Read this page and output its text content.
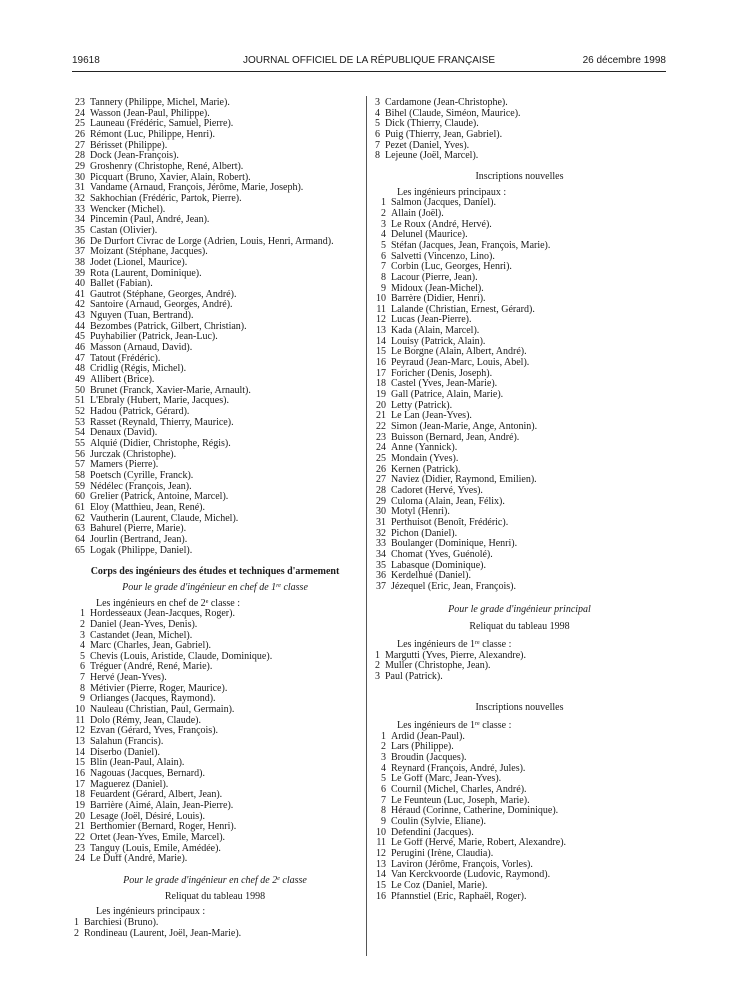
19618	JOURNAL OFFICIEL DE LA RÉPUBLIQUE FRANÇAISE	26 décembre 1998
23 Tannery (Philippe, Michel, Marie).
24 Wasson (Jean-Paul, Philippe).
25 Launeau (Frédéric, Samuel, Pierre).
26 Rémont (Luc, Philippe, Henri).
27 Bérisset (Philippe).
28 Dock (Jean-François).
29 Groshenry (Christophe, René, Albert).
30 Picquart (Bruno, Xavier, Alain, Robert).
31 Vandame (Arnaud, François, Jérôme, Marie, Joseph).
32 Sakhochian (Frédéric, Partok, Pierre).
33 Wencker (Michel).
34 Pincemin (Paul, André, Jean).
35 Castan (Olivier).
36 De Durfort Civrac de Lorge (Adrien, Louis, Henri, Armand).
37 Moizant (Stéphane, Jacques).
38 Jodet (Lionel, Maurice).
39 Rota (Laurent, Dominique).
40 Ballet (Fabian).
41 Gautrot (Stéphane, Georges, André).
42 Santoire (Arnaud, Georges, André).
43 Nguyen (Tuan, Bertrand).
44 Bezombes (Patrick, Gilbert, Christian).
45 Puyhabilier (Patrick, Jean-Luc).
46 Masson (Arnaud, David).
47 Tatout (Frédéric).
48 Cridlig (Régis, Michel).
49 Allibert (Brice).
50 Brunet (Franck, Xavier-Marie, Arnault).
51 L'Ebraly (Hubert, Marie, Jacques).
52 Hadou (Patrick, Gérard).
53 Rasset (Reynald, Thierry, Maurice).
54 Denaux (David).
55 Alquié (Didier, Christophe, Régis).
56 Jurczak (Christophe).
57 Mamers (Pierre).
58 Poetsch (Cyrille, Franck).
59 Nédélec (François, Jean).
60 Grelier (Patrick, Antoine, Marcel).
61 Eloy (Matthieu, Jean, René).
62 Vautherin (Laurent, Claude, Michel).
63 Bahurel (Pierre, Marie).
64 Jourlin (Bertrand, Jean).
65 Logak (Philippe, Daniel).
Corps des ingénieurs des études et techniques d'armement
Pour le grade d'ingénieur en chef de 1re classe
Les ingénieurs en chef de 2e classe :
1 Hordesseaux (Jean-Jacques, Roger).
2 Daniel (Jean-Yves, Denis).
3 Castandet (Jean, Michel).
4 Marc (Charles, Jean, Gabriel).
5 Chevis (Louis, Aristide, Claude, Dominique).
6 Tréguer (André, René, Marie).
7 Hervé (Jean-Yves).
8 Métivier (Pierre, Roger, Maurice).
9 Orlianges (Jacques, Raymond).
10 Nauleau (Christian, Paul, Germain).
11 Dolo (Rémy, Jean, Claude).
12 Ezvan (Gérard, Yves, François).
13 Salahun (Francis).
14 Diserbo (Daniel).
15 Blin (Jean-Paul, Alain).
16 Nagouas (Jacques, Bernard).
17 Maguerez (Daniel).
18 Feuardent (Gérard, Albert, Jean).
19 Barrière (Aimé, Alain, Jean-Pierre).
20 Lesage (Joël, Désiré, Louis).
21 Berthomier (Bernard, Roger, Henri).
22 Ortet (Jean-Yves, Emile, Marcel).
23 Tanguy (Louis, Emile, Amédée).
24 Le Duff (André, Marie).
Pour le grade d'ingénieur en chef de 2e classe
Reliquat du tableau 1998
Les ingénieurs principaux :
1 Barchiesi (Bruno).
2 Rondineau (Laurent, Joël, Jean-Marie).
3 Cardamone (Jean-Christophe).
4 Bihel (Claude, Siméon, Maurice).
5 Dick (Thierry, Claude).
6 Puig (Thierry, Jean, Gabriel).
7 Pezet (Daniel, Yves).
8 Lejeune (Joël, Marcel).
Inscriptions nouvelles
Les ingénieurs principaux :
1 Salmon (Jacques, Daniel).
2 Allain (Joël).
3 Le Roux (André, Hervé).
4 Delunel (Maurice).
5 Stéfan (Jacques, Jean, François, Marie).
6 Salvetti (Vincenzo, Lino).
7 Corbin (Luc, Georges, Henri).
8 Lacour (Pierre, Jean).
9 Midoux (Jean-Michel).
10 Barrère (Didier, Henri).
11 Lalande (Christian, Ernest, Gérard).
12 Lucas (Jean-Pierre).
13 Kada (Alain, Marcel).
14 Louisy (Patrick, Alain).
15 Le Borgne (Alain, Albert, André).
16 Peyraud (Jean-Marc, Louis, Abel).
17 Foricher (Denis, Joseph).
18 Castel (Yves, Jean-Marie).
19 Gall (Patrice, Alain, Marie).
20 Letty (Patrick).
21 Le Lan (Jean-Yves).
22 Simon (Jean-Marie, Ange, Antonin).
23 Buisson (Bernard, Jean, André).
24 Anne (Yannick).
25 Mondain (Yves).
26 Kernen (Patrick).
27 Naviez (Didier, Raymond, Emilien).
28 Cadoret (Hervé, Yves).
29 Culoma (Alain, Jean, Félix).
30 Motyl (Henri).
31 Perthuisot (Benoît, Frédéric).
32 Pichon (Daniel).
33 Boulanger (Dominique, Henri).
34 Chomat (Yves, Guénolé).
35 Labasque (Dominique).
36 Kerdelhué (Daniel).
37 Jézequel (Eric, Jean, François).
Pour le grade d'ingénieur principal
Reliquat du tableau 1998
Les ingénieurs de 1re classe :
1 Margutti (Yves, Pierre, Alexandre).
2 Muller (Christophe, Jean).
3 Paul (Patrick).
Inscriptions nouvelles
Les ingénieurs de 1re classe :
1 Ardid (Jean-Paul).
2 Lars (Philippe).
3 Broudin (Jacques).
4 Reynard (François, André, Jules).
5 Le Goff (Marc, Jean-Yves).
6 Cournil (Michel, Charles, André).
7 Le Feunteun (Luc, Joseph, Marie).
8 Héraud (Corinne, Catherine, Dominique).
9 Coulin (Sylvie, Eliane).
10 Defendini (Jacques).
11 Le Goff (Hervé, Marie, Robert, Alexandre).
12 Perugini (Irène, Claudia).
13 Laviron (Jérôme, François, Vorles).
14 Van Kerckvoorde (Ludovic, Raymond).
15 Le Coz (Daniel, Marie).
16 Pfannstiel (Eric, Raphaël, Roger).
